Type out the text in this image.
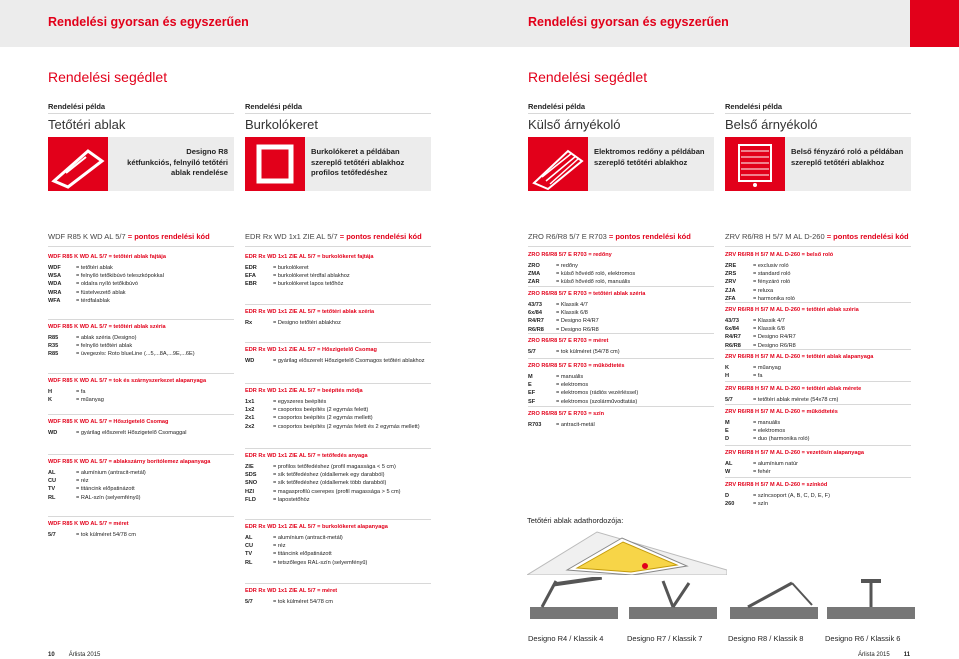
Rendelési gyorsan és egyszerűen	Rendelési gyorsan és egyszerűen
Rendelési segédlet	Rendelési segédlet
Rendelési példa	Rendelési példa	Rendelési példa	Rendelési példa
Tetőtéri ablak	Burkolókeret	Külső árnyékoló	Belső árnyékoló
Designo R8
kétfunkciós, felnyíló tetőtéri
ablak rendelése
Burkolókeret a példában
szereplő tetőtéri ablakhoz
profilos tetőfedéshez
Elektromos redőny a példában
szereplő tetőtéri ablakhoz
Belső fényzáró roló a példában
szereplő tetőtéri ablakhoz
WDF R85 K WD AL 5/7 = pontos rendelési kód	EDR Rx WD 1x1 ZIE AL 5/7 = pontos rendelési kód	ZRO R6/R8 5/7 E R703 = pontos rendelési kód	ZRV R6/R8 H 5/7 M AL D-260 = pontos rendelési kód
WDF R85 K WD AL 5/7 = tetőtéri ablak fajtája
WDF	= tetőtéri ablak
WSA	= felnyíló tetőkibúvó teleszkópokkal
WDA	= oldalra nyíló tetőkibúvó
WRA	= füstelvezető ablak
WFA	= térdfalablak
WDF R85 K WD AL 5/7 = tetőtéri ablak széria
R85	= ablak széria (Designo)
R35	= felnyíló tetőtéri ablak
R85	= üvegezés: Roto blueLine (...5,...8A,...9E,...6E)
WDF R85 K WD AL 5/7 = tok és szárnyszerkezet alapanyaga
H	= fa
K	= műanyag
WDF R85 K WD AL 5/7 = Hőszigetelő Csomag
WD	= gyárilag előszerelt Hőszigetelő Csomaggal
WDF R85 K WD AL 5/7 = ablakszárny borítólemez alapanyaga
AL	= alumínium (antracit-metál)
CU	= réz
TV	= titáncink előpatinázott
RL	= RAL-szín (selyemfényű)
WDF R85 K WD AL 5/7 = méret
5/7	= tok külméret 54/78 cm
EDR Rx WD 1x1 ZIE AL 5/7 = burkolókeret fajtája
EDR	= burkolókeret
EFA	= burkolókeret térdfal ablakhoz
EBR	= burkolókeret lapos tetőhöz
EDR Rx WD 1x1 ZIE AL 5/7 = tetőtéri ablak széria
Rx	= Designo tetőtéri ablakhoz
EDR Rx WD 1x1 ZIE AL 5/7 = Hőszigetelő Csomag
WD	= gyárilag előszerelt Hőszigetelő Csomagos tetőtéri ablakhoz
EDR Rx WD 1x1 ZIE AL 5/7 = beépítés módja
1x1	= egyszeres beépítés
1x2	= csoportos beépítés (2 egymás felett)
2x1	= csoportos beépítés (2 egymás mellett)
2x2	= csoportos beépítés (2 egymás felett és 2 egymás mellett)
EDR Rx WD 1x1 ZIE AL 5/7 = tetőfedés anyaga
ZIE	= profilos tetőfedéshez (profil magassága < 5 cm)
SDS	= sík tetőfedéshez (oldallemek egy darabból)
SNO	= sík tetőfedéshez (oldallemek több darabból)
HZI	= magasprofilú cserepes (profil magassága > 5 cm)
FLD	= lapostetőhöz
EDR Rx WD 1x1 ZIE AL 5/7 = burkolókeret alapanyaga
AL	= alumínium (antracit-metál)
CU	= réz
TV	= titáncink előpatinázott
RL	= tetszőleges RAL-szín (selyemfényű)
EDR Rx WD 1x1 ZIE AL 5/7 = méret
5/7	= tok külméret 54/78 cm
ZRO R6/R8 5/7 E R703 = redőny
ZRO	= redőny
ZMA	= külső hővédő roló, elektromos
ZAR	= külső hővédő roló, manuális
ZRO R6/R8 5/7 E R703 = tetőtéri ablak széria
43/73	= Klassik 4/7
6x/84	= Klassik 6/8
R4/R7 = Designo R4/R7
R6/R8 = Designo R6/R8
ZRO R6/R8 5/7 E R703 = méret
5/7	= tok külméret (54/78 cm)
ZRO R6/R8 5/7 E R703 = működtetés
M	= manuális
E	= elektromos
EF	= elektromos (rádiós vezérléssel)
SF	= elektromos (szolárművodtatás)
ZRO R6/R8 5/7 E R703 = szín
R703	= antracit-metál
ZRV R6/R8 H 5/7 M AL D-260 = belső roló
ZRE	= exclusiv roló
ZRS	= standard roló
ZRV	= fényzáró roló
ZJA	= reluxa
ZFA	= harmonika roló
ZRV R6/R8 H 5/7 M AL D-260 = tetőtéri ablak széria
43/73	= Klassik 4/7
6x/84	= Klassik 6/8
R4/R7 = Designo R4/R7
R6/R8 = Designo R6/R8
ZRV R6/R8 H 5/7 M AL D-260 = tetőtéri ablak alapanyaga
K	= műanyag
H	= fa
ZRV R6/R8 H 5/7 M AL D-260 = tetőtéri ablak mérete
5/7	= tetőtéri ablak mérete (54x78 cm)
ZRV R6/R8 H 5/7 M AL D-260 = működtetés
M	= manuális
E	= elektromos
D	= duo (harmonika roló)
ZRV R6/R8 H 5/7 M AL D-260 = vezetősín alapanyaga
AL	= alumínium natúr
W	= fehér
ZRV R6/R8 H 5/7 M AL D-260 = színkód
D	= színcsoport (A, B, C, D, E, F)
260	= szín
Tetőtéri ablak adathordozója:
Designo R4 / Klassik 4	Designo R7 / Klassik 7	Designo R8 / Klassik 8	Designo R6 / Klassik 6
10 Árlista 2015	Árlista 2015 11
